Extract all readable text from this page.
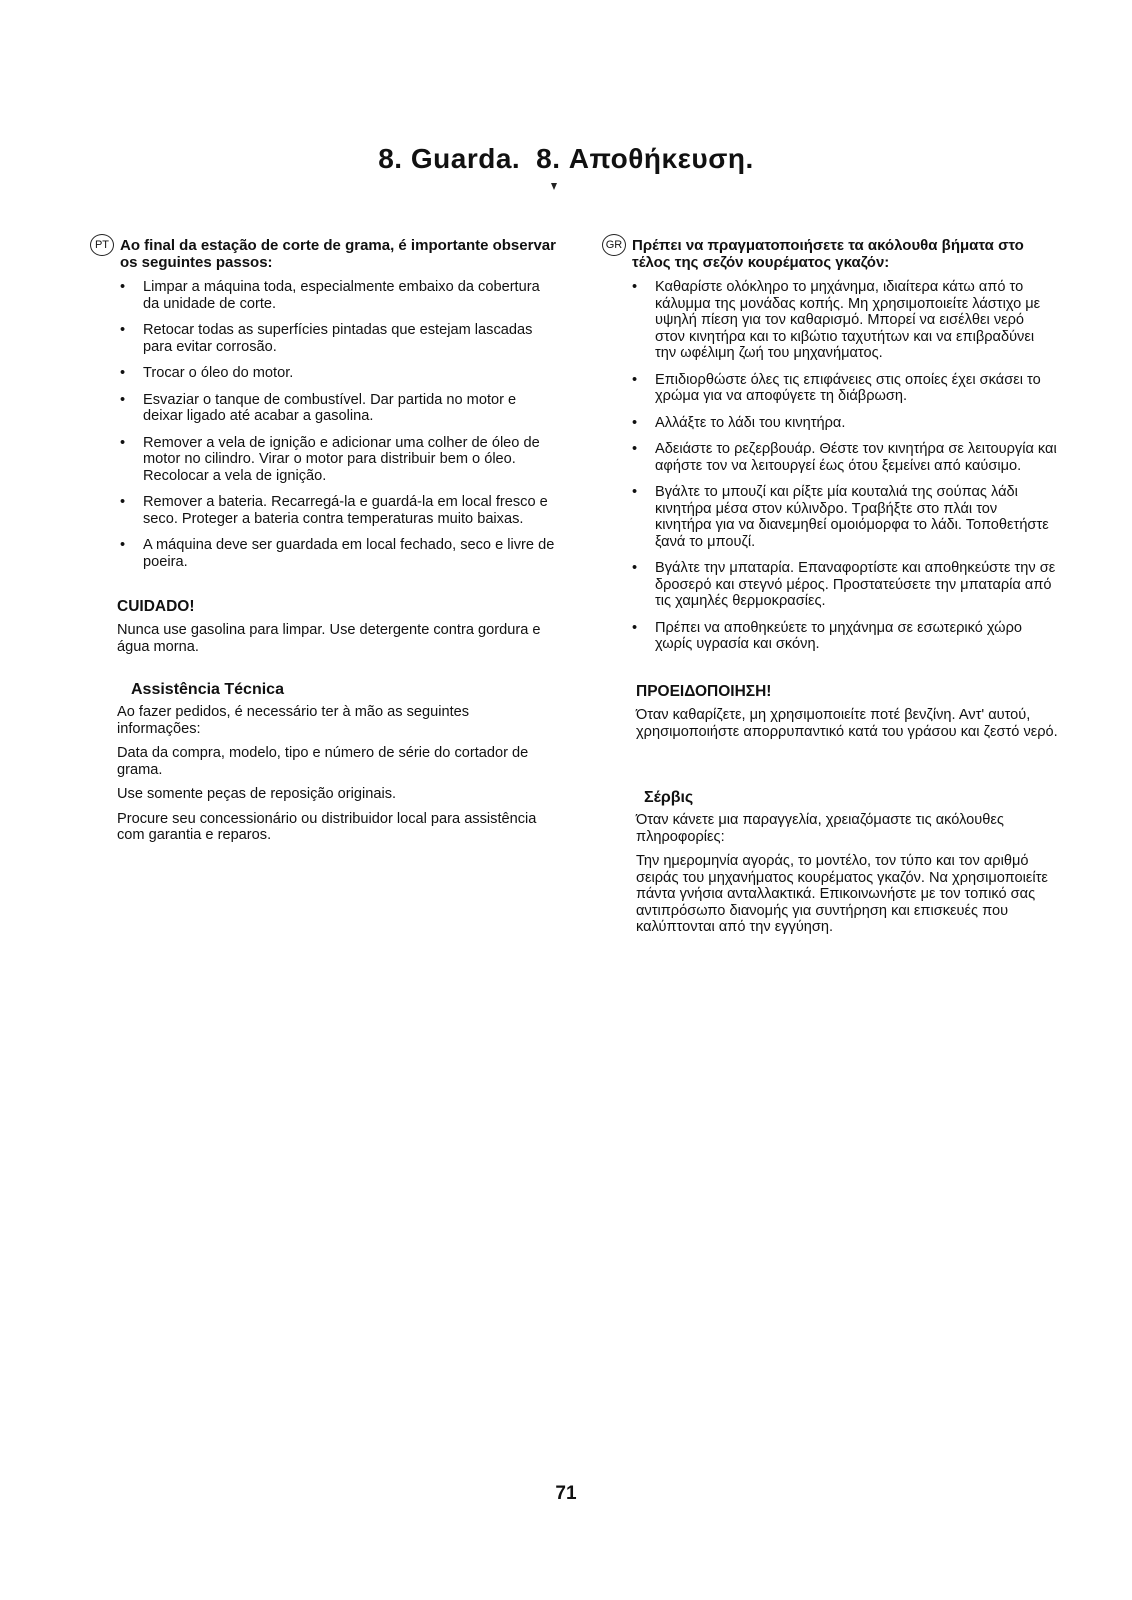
8. Guarda. 8. Αποθήκευση.
PT Ao final da estação de corte de grama, é importante observar os seguintes passos:
• Limpar a máquina toda, especialmente embaixo da cobertura da unidade de corte.
• Retocar todas as superfícies pintadas que estejam lascadas para evitar corrosão.
• Trocar o óleo do motor.
• Esvaziar o tanque de combustível. Dar partida no motor e deixar ligado até acabar a gasolina.
• Remover a vela de ignição e adicionar uma colher de óleo de motor no cilindro. Virar o motor para distribuir bem o óleo. Recolocar a vela de ignição.
• Remover a bateria. Recarregá-la e guardá-la em local fresco e seco. Proteger a bateria contra temperaturas muito baixas.
• A máquina deve ser guardada em local fechado, seco e livre de poeira.
CUIDADO!
Nunca use gasolina para limpar. Use detergente contra gordura e água morna.
Assistência Técnica

Ao fazer pedidos, é necessário ter à mão as seguintes informações:

Data da compra, modelo, tipo e número de série do cortador de grama.

Use somente peças de reposição originais.

Procure seu concessionário ou distribuidor local para assistência com garantia e reparos.

GR Πρέπει να πραγματοποιήσετε τα ακόλουθα βήματα στο τέλος της σεζόν κουρέματος γκαζόν:
• Καθαρίστε ολόκληρο το μηχάνημα, ιδιαίτερα κάτω από το κάλυμμα της μονάδας κοπής. Μη χρησιμοποιείτε λάστιχο με υψηλή πίεση για τον καθαρισμό. Μπορεί να εισέλθει νερό στον κινητήρα και το κιβώτιο ταχυτήτων και να επιβραδύνει την ωφέλιμη ζωή του μηχανήματος.
• Επιδιορθώστε όλες τις επιφάνειες στις οποίες έχει σκάσει το χρώμα για να αποφύγετε τη διάβρωση.
• Αλλάξτε το λάδι του κινητήρα.
• Αδειάστε το ρεζερβουάρ. Θέστε τον κινητήρα σε λειτουργία και αφήστε τον να λειτουργεί έως ότου ξεμείνει από καύσιμο.
• Βγάλτε το μπουζί και ρίξτε μία κουταλιά της σούπας λάδι κινητήρα μέσα στον κύλινδρο. Τραβήξτε στο πλάι τον κινητήρα για να διανεμηθεί ομοιόμορφα το λάδι. Τοποθετήστε ξανά το μπουζί.
• Βγάλτε την μπαταρία. Επαναφορτίστε και αποθηκεύστε την σε δροσερό και στεγνό μέρος. Προστατεύσετε την μπαταρία από τις χαμηλές θερμοκρασίες.
• Πρέπει να αποθηκεύετε το μηχάνημα σε εσωτερικό χώρο χωρίς υγρασία και σκόνη.
ΠΡΟΕΙΔΟΠΟΙΗΣΗ!
Όταν καθαρίζετε, μη χρησιμοποιείτε ποτέ βενζίνη. Αντ' αυτού, χρησιμοποιήστε απορρυπαντικό κατά του γράσου και ζεστό νερό.
Σέρβις

Όταν κάνετε μια παραγγελία, χρειαζόμαστε τις ακόλουθες πληροφορίες:

Την ημερομηνία αγοράς, το μοντέλο, τον τύπο και τον αριθμό σειράς του μηχανήματος κουρέματος γκαζόν. Να χρησιμοποιείτε πάντα γνήσια ανταλλακτικά. Επικοινωνήστε με τον τοπικό σας αντιπρόσωπο διανομής για συντήρηση και επισκευές που καλύπτονται από την εγγύηση.

71
